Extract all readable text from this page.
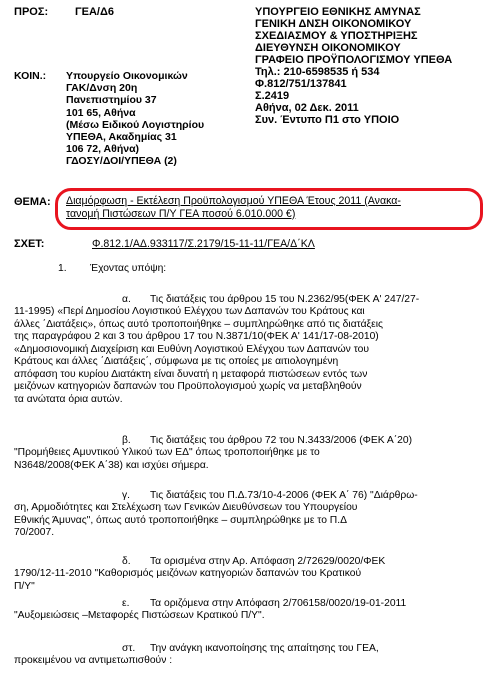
ΠΡΟΣ: ΓΕΑ/Δ6	ΥΠΟΥΡΓΕΙΟ ΕΘΝΙΚΗΣ ΑΜΥΝΑΣ
ΓΕΝΙΚΗ ΔΝΣΗ ΟΙΚΟΝΟΜΙΚΟΥ
ΣΧΕΔΙΑΣΜΟΥ & ΥΠΟΣΤΗΡΙΞΗΣ
ΔΙΕΥΘΥΝΣΗ ΟΙΚΟΝΟΜΙΚΟΥ
ΓΡΑΦΕΙΟ ΠΡΟΫΠΟΛΟΓΙΣΜΟΥ ΥΠΕΘΑ
Τηλ.: 210-6598535 ή 534
Φ.812/751/137841
Σ.2419
Αθήνα, 02 Δεκ. 2011
Συν. Έντυπο Π1 στο ΥΠΟΙΟ
ΚΟΙΝ.: Υπουργείο Οικονομικών
ΓΑΚ/Δνση 20η
Πανεπιστημίου 37
101 65, Αθήνα
(Μέσω Ειδικού Λογιστηρίου
ΥΠΕΘΑ, Ακαδημίας 31
106 72, Αθήνα)
ΓΔΟΣΥ/ΔΟΙ/ΥΠΕΘΑ (2)
ΘΕΜΑ: Διαμόρφωση - Εκτέλεση Προϋπολογισμού ΥΠΕΘΑ Έτους 2011 (Ανακα-
τανομή Πιστώσεων Π/Υ ΓΕΑ ποσού 6.010.000 €)
ΣΧΕΤ:	Φ.812.1/ΑΔ.933117/Σ.2179/15-11-11/ΓΕΑ/Δ΄ΚΛ
1. Έχοντας υπόψη:
α. Τις διατάξεις του άρθρου 15 του Ν.2362/95(ΦΕΚ Α' 247/27-
11-1995) «Περί Δημοσίου Λογιστικού Ελέγχου των Δαπανών του Κράτους και
άλλες ΄Διατάξεις», όπως αυτό τροποποιήθηκε – συμπληρώθηκε από τις διατάξεις
της παραγράφου 2 και 3 του άρθρου 17 του Ν.3871/10(ΦΕΚ Α' 141/17-08-2010)
«Δημοσιονομική Διαχείριση και Ευθύνη Λογιστικού Ελέγχου των Δαπανών του
Κράτους και άλλες ΄Διατάξεις΄, σύμφωνα με τις οποίες με αιτιολογημένη
απόφαση του κυρίου Διατάκτη είναι δυνατή η μεταφορά πιστώσεων εντός των
μειζόνων κατηγοριών δαπανών του Προϋπολογισμού χωρίς να μεταβληθούν
τα ανώτατα όρια αυτών.
β. Τις διατάξεις του άρθρου 72 του Ν.3433/2006 (ΦΕΚ Α΄20)
"Προμήθειες Αμυντικού Υλικού των ΕΔ" όπως τροποποιήθηκε με το
Ν3648/2008(ΦΕΚ Α΄38) και ισχύει σήμερα.
γ. Τις διατάξεις του Π.Δ.73/10-4-2006 (ΦΕΚ Α΄ 76) "Διάρθρω-
ση, Αρμοδιότητες και Στελέχωση των Γενικών Διευθύνσεων του Υπουργείου
Εθνικής Άμυνας", όπως αυτό τροποποιήθηκε – συμπληρώθηκε με το Π.Δ
70/2007.
δ. Τα ορισμένα στην Αρ. Απόφαση 2/72629/0020/ΦΕΚ
1790/12-11-2010 "Καθορισμός μειζόνων κατηγοριών δαπανών του Κρατικού
Π/Υ"
ε. Τα οριζόμενα στην Απόφαση 2/706158/0020/19-01-2011
"Αυξομειώσεις –Μεταφορές Πιστώσεων Κρατικού Π/Υ".
στ. Την ανάγκη ικανοποίησης της απαίτησης του ΓΕΑ,
προκειμένου να αντιμετωπισθούν :
